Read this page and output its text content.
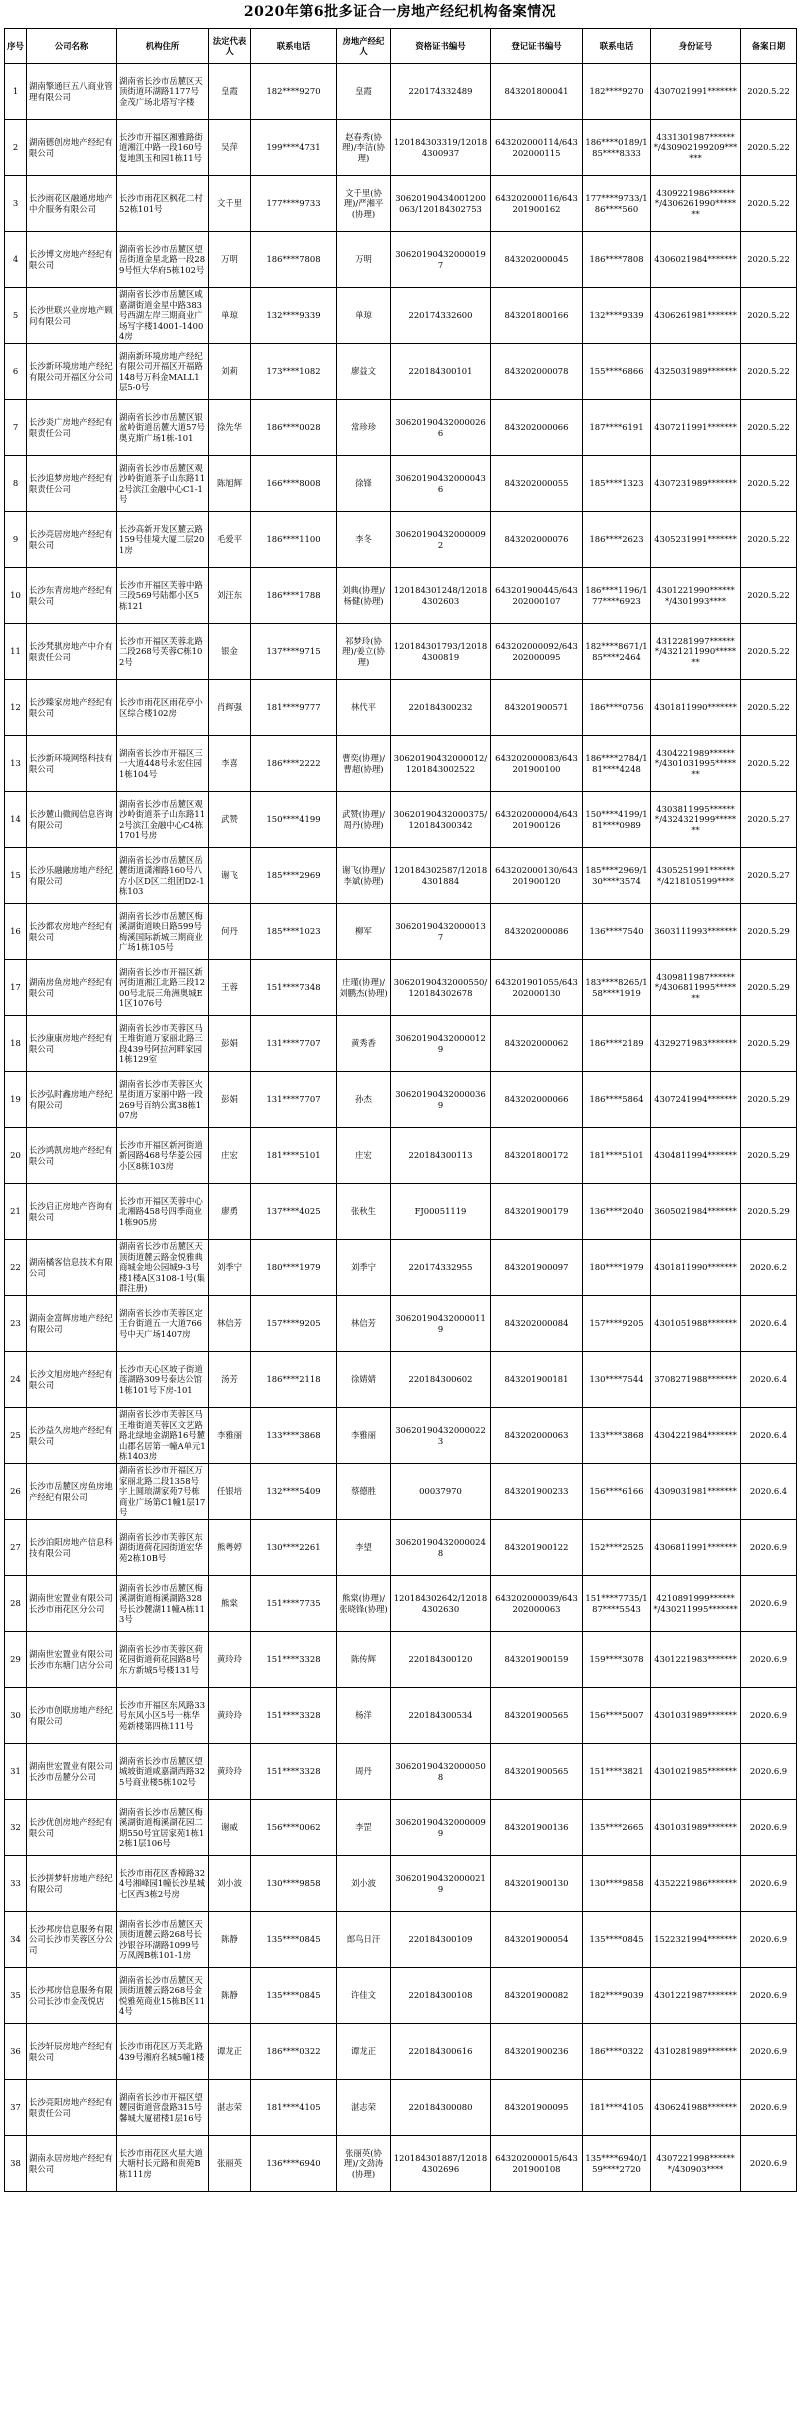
2020年第6批多证合一房地产经纪机构备案情况
序号	公司名称	机构住所	法定代表人	联系电话	房地产经纪人	资格证书编号	登记证书编号	联系电话	身份证号	备案日期
1	湖南擎通巨五八商业管理有限公司	湖南省长沙市岳麓区天顶街道环湖路1177号金茂广场北塔写字楼	皇霞	182****9270	皇霞	220174332489	843201800041	182****9270	4307021991*******	2020.5.22
2	湖南德创房地产经纪有限公司	长沙市开福区湘雅路街道湘江中路一段160号复地凯玉和园1栋11号	吴萍	199****4731	赵春秀(协理)/李洁(协理)	120184303319/120184300937	643202000114/643202000115	186****0189/185****8333	4331301987*******/430902199209******	2020.5.22
3	长沙雨花区融通房地产中介服务有限公司	长沙市雨花区枫花二村52栋101号	文千里	177****9733	文千里(协理)/严湘平(协理)	30620190434001200063/120184302753	643202000116/643201900162	177****9733/186****560	4309221986*******/4306261990*******	2020.5.22
4	长沙博文房地产经纪有限公司	湖南省长沙市岳麓区望岳街道金星北路一段289号恒大华府5栋102号	万明	186****7808	万明	306201904320000197	843202000045	186****7808	4306021984*******	2020.5.22
5	长沙世联兴业房地产顾问有限公司	湖南省长沙市岳麓区咸嘉湖街道金星中路383号西湖左岸三期商业广场写字楼14001-14004房	单琼	132****9339	单琼	220174332600	843201800166	132****9339	4306261981*******	2020.5.22
6	长沙新环境房地产经纪有限公司开福区分公司	湖南新环境房地产经纪有限公司开福区开福路148号万科金MALL1层5-0号	刘莉	173****1082	廖益文	220184300101	843202000078	155****6866	4325031989*******	2020.5.22
7	长沙炎广房地产经纪有限责任公司	湖南省长沙市岳麓区银盆岭街道岳麓大道57号奥克斯广场1栋-101	徐先华	186****0028	常珍珍	306201904320000266	843202000066	187****6191	4307211991*******	2020.5.22
8	长沙追梦房地产经纪有限责任公司	湖南省长沙市岳麓区观沙岭街道茶子山东路112号滨江金融中心C1-1号	陈旭辉	166****8008	徐锋	306201904320000436	843202000055	185****1323	4307231989*******	2020.5.22
9	长沙亮居房地产经纪有限公司	长沙高新开发区麓云路159号佳境大厦二层201房	毛爱平	186****1100	李冬	306201904320000092	843202000076	186****2623	4305231991*******	2020.5.22
10	长沙东青房地产经纪有限公司	长沙市开福区芙蓉中路三段569号陆都小区5栋121	刘汪东	186****1788	刘典(协理)/杨健(协理)	120184301248/120184302603	643201900445/643202000107	186****1196/177****6923	4301221990*******/4301993****	2020.5.22
11	长沙梵骐房地产中介有限责任公司	长沙市开福区芙蓉北路二段268号芙蓉C栋102号	银金	137****9715	祁梦玲(协理)/姜立(协理)	120184301793/120184300819	643202000092/643202000095	182****8671/185****2464	4312281997*******/4321211990*******	2020.5.22
12	长沙臻家房地产经纪有限公司	长沙市雨花区雨花亭小区综合楼102房	肖辉强	181****9777	林代平	220184300232	843201900571	186****0756	4301811990*******	2020.5.22
13	长沙新环境网络科技有限公司	湖南省长沙市开福区三一大道448号永宏住园1栋104号	李喜	186****2222	曹奕(协理)/曹超(协理)	30620190432000012/1201843002522	643202000083/643201900100	186****2784/181****4248	4304221989*******/4301031995*******	2020.5.22
14	长沙麓山微阀信息咨询有限公司	湖南省长沙市岳麓区观沙岭街道茶子山东路112号滨江金融中心C4栋1701号房	武赞	150****4199	武赞(协理)/周丹(协理)	30620190432000375/120184300342	643202000004/643201900126	150****4199/181****0989	4303811995*******/4324321999*******	2020.5.27
15	长沙乐融融房地产经纪有限公司	湖南省长沙市岳麓区岳麓街道潇湘路160号八方小区D区二组团D2-1栋103	谢飞	185****2969	谢飞(协理)/李斌(协理)	120184302587/120184301884	643202000130/643201900120	185****2969/130****3574	4305251991*******/4218105199****	2020.5.27
16	长沙都农房地产经纪有限公司	湖南省长沙市岳麓区梅溪湖街道映日路599号梅溪国际新城三期商业广场1栋105号	何丹	185****1023	柳军	306201904320000137	843202000086	136****7540	3603111993*******	2020.5.29
17	湖南房鱼房地产经纪有限公司	湖南省长沙市开福区新河街道湘江北路三段1200号北辰三角洲奥城E1区1076号	王蓉	151****7348	庄瑾(协理)/刘鹏杰(协理)	30620190432000550/120184302678	643201901055/643202000130	183****8265/158****1919	4309811987*******/4306811995*******	2020.5.29
18	长沙康康房地产经纪有限公司	湖南省长沙市芙蓉区马王堆街道万家丽北路三段439号阿拉河畔家园1栋129室	彭娟	131****7707	黄秀香	306201904320000129	843202000062	186****2189	4329271983*******	2020.5.29
19	长沙弘时鑫房地产经纪有限公司	湖南省长沙市芙蓉区火星街道万家丽中路一段269号百纳公寓38栋107房	彭娟	131****7707	孙杰	306201904320000369	843202000066	186****5864	4307241994*******	2020.5.29
20	长沙鸿凯房地产经纪有限公司	长沙市开福区新河街道新园路468号华菱公园小区8栋103房	庄宏	181****5101	庄宏	220184300113	843201800172	181****5101	4304811994*******	2020.5.29
21	长沙启正房地产咨询有限公司	长沙市开福区芙蓉中心北湘路458号四季商业1栋905房	廖勇	137****4025	张秋生	FJ00051119	843201900179	136****2040	3605021984*******	2020.5.29
22	湖南橘客信息技术有限公司	湖南省长沙市岳麓区天顶街道麓云路金悦雅典商城金地公园城9-3号楼1楼A区3108-1号(集群注册)	刘季宁	180****1979	刘季宁	220174332955	843201900097	180****1979	4301811990*******	2020.6.2
23	湖南金富辉房地产经纪有限公司	湖南省长沙市芙蓉区定王台街道五一大道766号中天广场1407房	林信芳	157****9205	林信芳	306201904320000119	843202000084	157****9205	4301051988*******	2020.6.4
24	长沙文旭房地产经纪有限公司	长沙市天心区坡子街道莲湖路309号泰达公馆1栋101号下房-101	汤芳	186****2118	徐婧婧	220184300602	843201900181	130****7544	3708271988*******	2020.6.4
25	长沙益久房地产经纪有限公司	湖南省长沙市芙蓉区马王堆街道芙蓉区文艺路路北绿地金湖路16号麓山郡名居第一幢A单元1栋1403房	李雅丽	133****3868	李雅丽	306201904320000223	843202000063	133****3868	4304221984*******	2020.6.4
26	长沙市岳麓区房鱼房地产经纪有限公司	湖南省长沙市开福区万家丽北路二段1358号宇上圆琅湖家苑7号栋商业广场第C1幢1层17号	任银培	132****5409	蔡德胜	00037970	843201900233	156****6166	4309031981*******	2020.6.4
27	长沙泊阳房地产信息科技有限公司	湖南省长沙市芙蓉区东湖街道荷花园街道宏华苑2栋10B号	熊粤婷	130****2261	李望	306201904320000248	843201900122	152****2525	4306811991*******	2020.6.9
28	湖南世宏置业有限公司长沙市雨花区分公司	湖南省长沙市岳麓区梅溪湖街道梅溪湖路328号长沙麓湖11幢A栋113号	熊棠	151****7735	熊棠(协理)/张晓锋(协理)	120184302642/120184302630	643202000039/643202000063	151****7735/187****5543	4210891999*******/430211995*******	2020.6.9
29	湖南世宏置业有限公司长沙市东塘门店分公司	湖南省长沙市芙蓉区荷花园街道荷花园路8号东方新城5号楼131号	黄玲玲	151****3328	陈传辉	220184300120	843201900159	159****3078	4301221983*******	2020.6.9
30	长沙市创联房地产经纪有限公司	长沙市开福区东风路33号东风小区5号一栋华苑新楼第四栋111号	黄玲玲	151****3328	杨洋	220184300534	843201900565	156****5007	4301031989*******	2020.6.9
31	湖南世宏置业有限公司长沙市岳麓分公司	湖南省长沙市岳麓区望城坡街道咸嘉湖西路325号商业楼5栋102号	黄玲玲	151****3328	周丹	306201904320000508	843201900565	151****3821	4301021985*******	2020.6.9
32	长沙优创房地产经纪有限公司	湖南省长沙市岳麓区梅溪湖街道梅溪湖花园二期550号宜居家苑1栋12栋1层106号	谢威	156****0062	李罡	306201904320000099	843201900136	135****2665	4301031989*******	2020.6.9
33	长沙拼梦轩房地产经纪有限公司	长沙市雨花区香樟路324号湘峰园1幢长沙星城七区西3栋2号房	刘小波	130****9858	刘小波	306201904320000219	843201900130	130****9858	4352221986*******	2020.6.9
34	长沙邦房信息服务有限公司长沙市芙蓉区分公司	湖南省长沙市岳麓区天顶街道麓云路268号长沙银谷环湖路1099号万凤阁B栋101-1房	陈静	135****0845	郎鸟日汗	220184300109	843201900054	135****0845	1522321994*******	2020.6.9
35	长沙邦房信息服务有限公司长沙市金茂悦店	湖南省长沙市岳麓区天顶街道麓云路268号金悦雅苑商业15栋B区114号	陈静	135****0845	许佳文	220184300108	843201900082	182****9039	4301221987*******	2020.6.9
36	长沙轩辰房地产经纪有限公司	长沙市雨花区万芙北路439号湘府名城5幢1楼	谭龙正	186****0322	谭龙正	220184300616	843201900236	186****0322	4310281989*******	2020.6.9
37	长沙亮阳房地产经纪有限责任公司	湖南省长沙市开福区望麓园街道营盘路315号馨城大厦裙楼1层16号	湛志荣	181****4105	湛志荣	220184300080	843201900095	181****4105	4306241988*******	2020.6.9
38	湖南永居房地产经纪有限公司	长沙市雨花区火星大道大塘村长元路和贵苑B栋111房	张丽英	136****6940	张丽英(协理)/文劲涛(协理)	120184301887/120184302696	643202000015/643201900108	135****6940/159****2720	4307221998*******/430903****	2020.6.9
